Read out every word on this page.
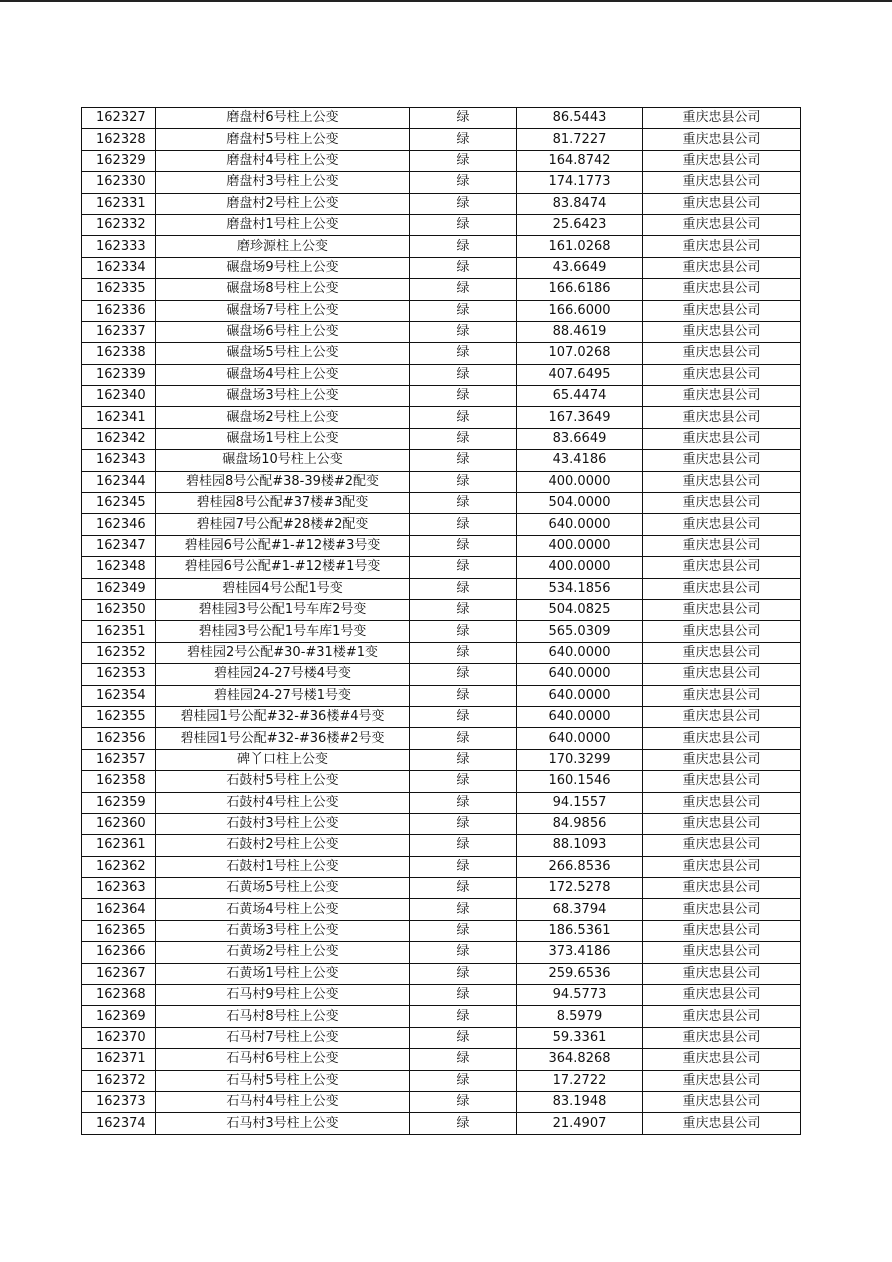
162327	磨盘村6号柱上公变	绿	86.5443	重庆忠县公司
162328	磨盘村5号柱上公变	绿	81.7227	重庆忠县公司
162329	磨盘村4号柱上公变	绿	164.8742	重庆忠县公司
162330	磨盘村3号柱上公变	绿	174.1773	重庆忠县公司
162331	磨盘村2号柱上公变	绿	83.8474	重庆忠县公司
162332	磨盘村1号柱上公变	绿	25.6423	重庆忠县公司
162333	磨珍源柱上公变	绿	161.0268	重庆忠县公司
162334	碾盘场9号柱上公变	绿	43.6649	重庆忠县公司
162335	碾盘场8号柱上公变	绿	166.6186	重庆忠县公司
162336	碾盘场7号柱上公变	绿	166.6000	重庆忠县公司
162337	碾盘场6号柱上公变	绿	88.4619	重庆忠县公司
162338	碾盘场5号柱上公变	绿	107.0268	重庆忠县公司
162339	碾盘场4号柱上公变	绿	407.6495	重庆忠县公司
162340	碾盘场3号柱上公变	绿	65.4474	重庆忠县公司
162341	碾盘场2号柱上公变	绿	167.3649	重庆忠县公司
162342	碾盘场1号柱上公变	绿	83.6649	重庆忠县公司
162343	碾盘场10号柱上公变	绿	43.4186	重庆忠县公司
162344	碧桂园8号公配#38-39楼#2配变	绿	400.0000	重庆忠县公司
162345	碧桂园8号公配#37楼#3配变	绿	504.0000	重庆忠县公司
162346	碧桂园7号公配#28楼#2配变	绿	640.0000	重庆忠县公司
162347	碧桂园6号公配#1-#12楼#3号变	绿	400.0000	重庆忠县公司
162348	碧桂园6号公配#1-#12楼#1号变	绿	400.0000	重庆忠县公司
162349	碧桂园4号公配1号变	绿	534.1856	重庆忠县公司
162350	碧桂园3号公配1号车库2号变	绿	504.0825	重庆忠县公司
162351	碧桂园3号公配1号车库1号变	绿	565.0309	重庆忠县公司
162352	碧桂园2号公配#30-#31楼#1变	绿	640.0000	重庆忠县公司
162353	碧桂园24-27号楼4号变	绿	640.0000	重庆忠县公司
162354	碧桂园24-27号楼1号变	绿	640.0000	重庆忠县公司
162355	碧桂园1号公配#32-#36楼#4号变	绿	640.0000	重庆忠县公司
162356	碧桂园1号公配#32-#36楼#2号变	绿	640.0000	重庆忠县公司
162357	碑丫口柱上公变	绿	170.3299	重庆忠县公司
162358	石鼓村5号柱上公变	绿	160.1546	重庆忠县公司
162359	石鼓村4号柱上公变	绿	94.1557	重庆忠县公司
162360	石鼓村3号柱上公变	绿	84.9856	重庆忠县公司
162361	石鼓村2号柱上公变	绿	88.1093	重庆忠县公司
162362	石鼓村1号柱上公变	绿	266.8536	重庆忠县公司
162363	石黄场5号柱上公变	绿	172.5278	重庆忠县公司
162364	石黄场4号柱上公变	绿	68.3794	重庆忠县公司
162365	石黄场3号柱上公变	绿	186.5361	重庆忠县公司
162366	石黄场2号柱上公变	绿	373.4186	重庆忠县公司
162367	石黄场1号柱上公变	绿	259.6536	重庆忠县公司
162368	石马村9号柱上公变	绿	94.5773	重庆忠县公司
162369	石马村8号柱上公变	绿	8.5979	重庆忠县公司
162370	石马村7号柱上公变	绿	59.3361	重庆忠县公司
162371	石马村6号柱上公变	绿	364.8268	重庆忠县公司
162372	石马村5号柱上公变	绿	17.2722	重庆忠县公司
162373	石马村4号柱上公变	绿	83.1948	重庆忠县公司
162374	石马村3号柱上公变	绿	21.4907	重庆忠县公司
